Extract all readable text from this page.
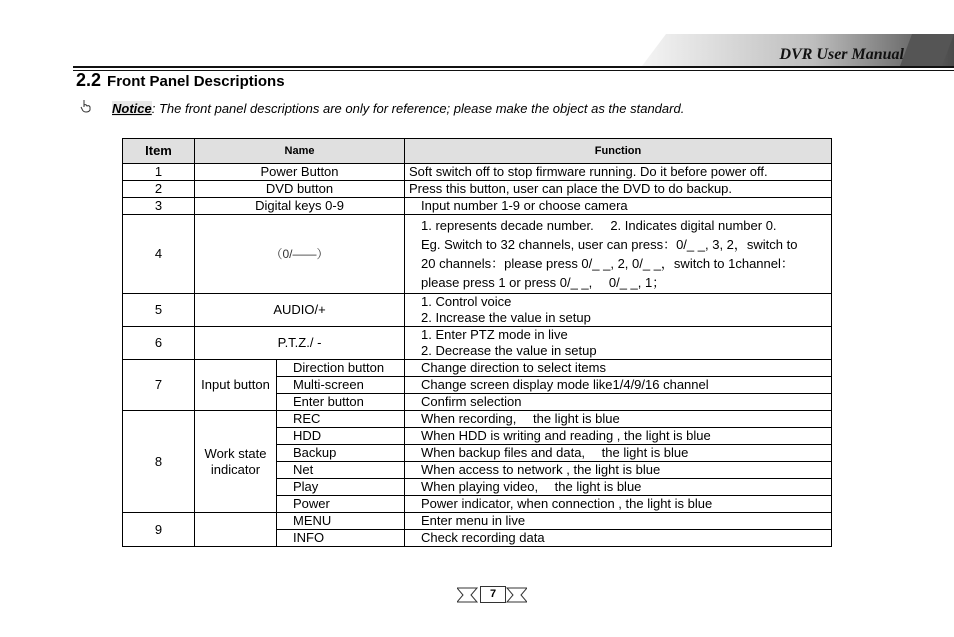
DVR User Manual
2.2 Front Panel Descriptions
Notice: The front panel descriptions are only for reference; please make the object as the standard.
Item	Name		Function
1	Power Button		Soft switch off to stop firmware running. Do it before power off.
2	DVD button		Press this button, user can place the DVD to do backup.
3	Digital keys 0-9		Input number 1-9 or choose camera
4	（0/——）		1. represents decade number.　 2. Indicates digital number 0.
Eg. Switch to 32 channels, user can press：0/_ _, 3, 2，switch to
20 channels：please press 0/_ _, 2, 0/_ _，switch to 1channel：
please press 1 or press 0/_ _,　 0/_ _, 1；

5	AUDIO/+		1. Control voice
2. Increase the value in setup

6	P.T.Z./ -		1. Enter PTZ mode in live
2. Decrease the value in setup

7	Input button	Direction button	Change direction to select items
		Multi-screen	Change screen display mode like1/4/9/16 channel
		Enter button	Confirm selection
8	Work state indicator	REC	When recording,　 the light is blue
		HDD	When HDD is writing and reading , the light is blue
		Backup	When backup files and data,　 the light is blue
		Net	When access to network , the light is blue
		Play	When playing video,　 the light is blue
		Power	Power indicator, when connection , the light is blue
9		MENU	Enter menu in live
		INFO	Check recording data
7
